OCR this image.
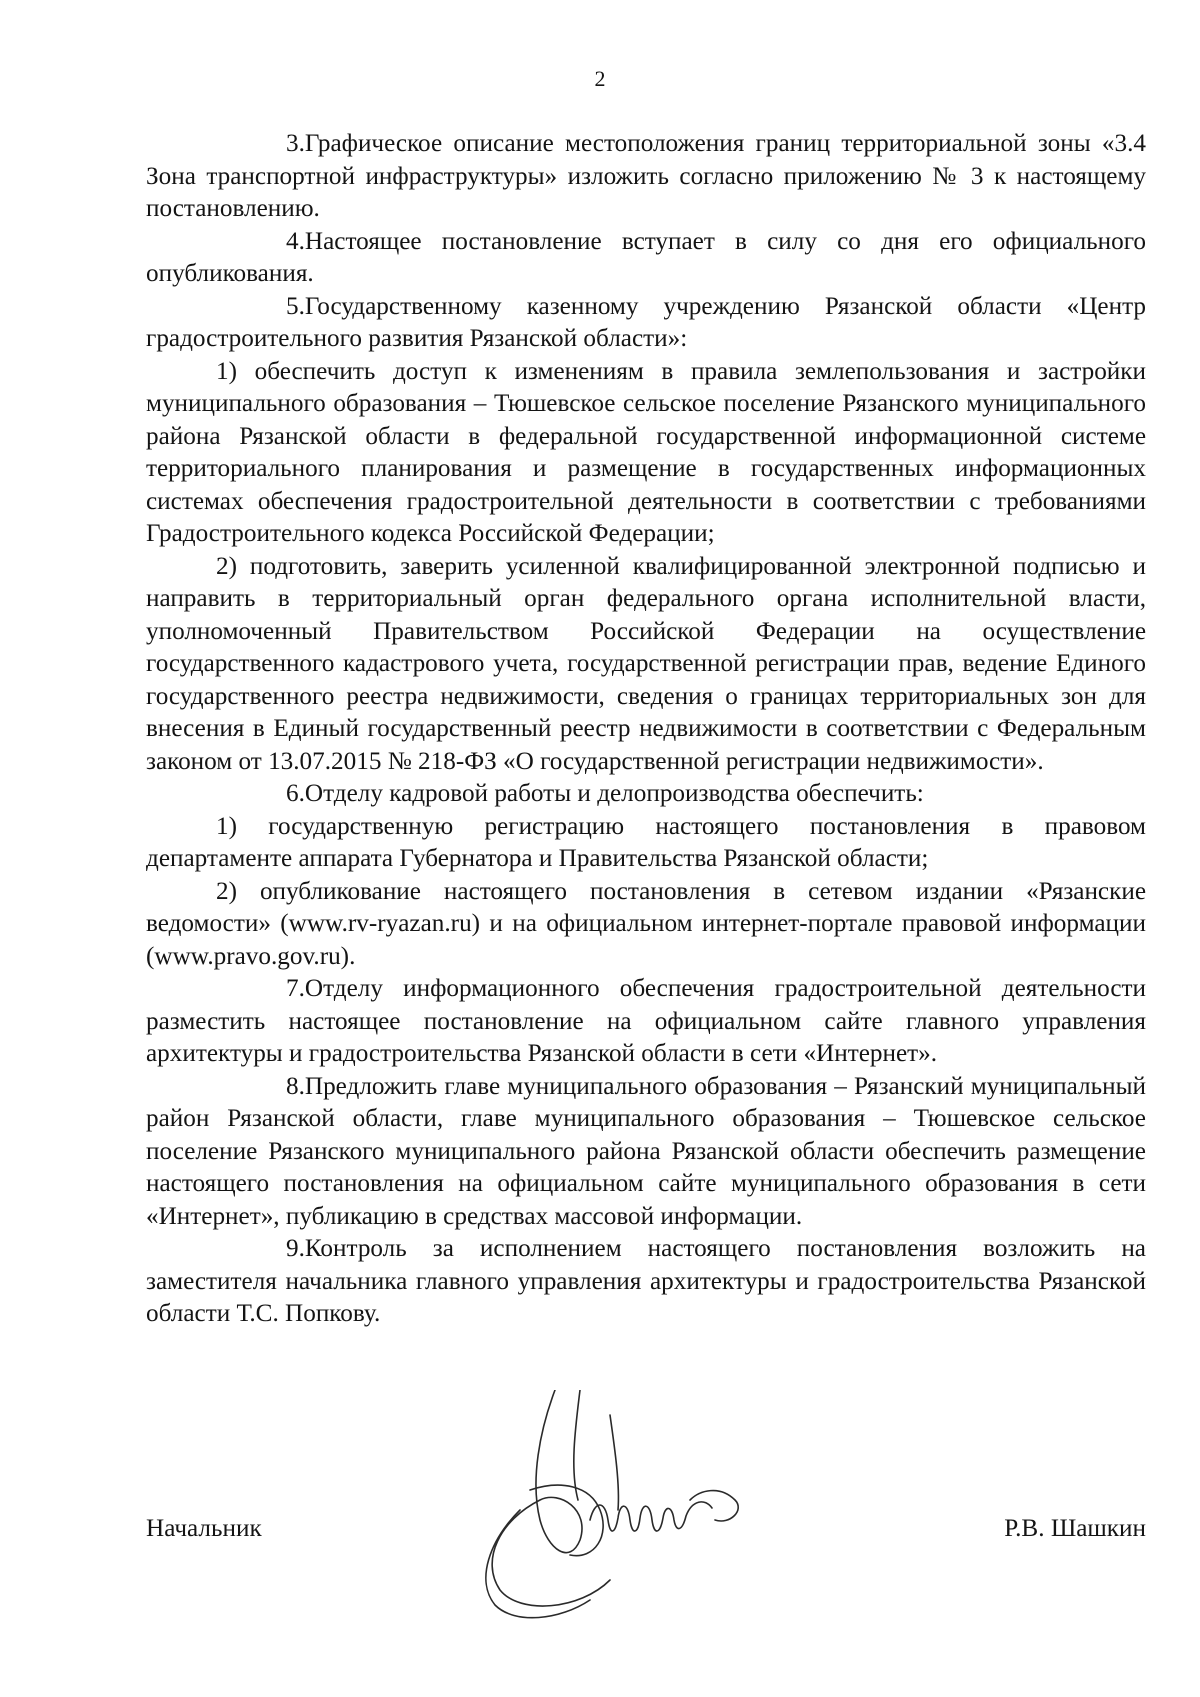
2

3.Графическое описание местоположения границ территориальной зоны «3.4 Зона транспортной инфраструктуры» изложить согласно приложению № 3 к настоящему постановлению.

4.Настоящее постановление вступает в силу со дня его официального опубликования.

5.Государственному казенному учреждению Рязанской области «Центр градостроительного развития Рязанской области»:

1) обеспечить доступ к изменениям в правила землепользования и застройки муниципального образования – Тюшевское сельское поселение Рязанского муниципального района Рязанской области в федеральной государственной информационной системе территориального планирования и размещение в государственных информационных системах обеспечения градостроительной деятельности в соответствии с требованиями Градостроительного кодекса Российской Федерации;

2) подготовить, заверить усиленной квалифицированной электронной подписью и направить в территориальный орган федерального органа исполнительной власти, уполномоченный Правительством Российской Федерации на осуществление государственного кадастрового учета, государственной регистрации прав, ведение Единого государственного реестра недвижимости, сведения о границах территориальных зон для внесения в Единый государственный реестр недвижимости в соответствии с Федеральным законом от 13.07.2015 № 218-ФЗ «О государственной регистрации недвижимости».

6.Отделу кадровой работы и делопроизводства обеспечить:

1) государственную регистрацию настоящего постановления в правовом департаменте аппарата Губернатора и Правительства Рязанской области;

2) опубликование настоящего постановления в сетевом издании «Рязанские ведомости» (www.rv-ryazan.ru) и на официальном интернет-портале правовой информации (www.pravo.gov.ru).

7.Отделу информационного обеспечения градостроительной деятельности разместить настоящее постановление на официальном сайте главного управления архитектуры и градостроительства Рязанской области в сети «Интернет».

8.Предложить главе муниципального образования – Рязанский муниципальный район Рязанской области, главе муниципального образования – Тюшевское сельское поселение Рязанского муниципального района Рязанской области обеспечить размещение настоящего постановления на официальном сайте муниципального образования в сети «Интернет», публикацию в средствах массовой информации.

9.Контроль за исполнением настоящего постановления возложить на заместителя начальника главного управления архитектуры и градостроительства Рязанской области Т.С. Попкову.

Начальник	Р.В. Шашкин
